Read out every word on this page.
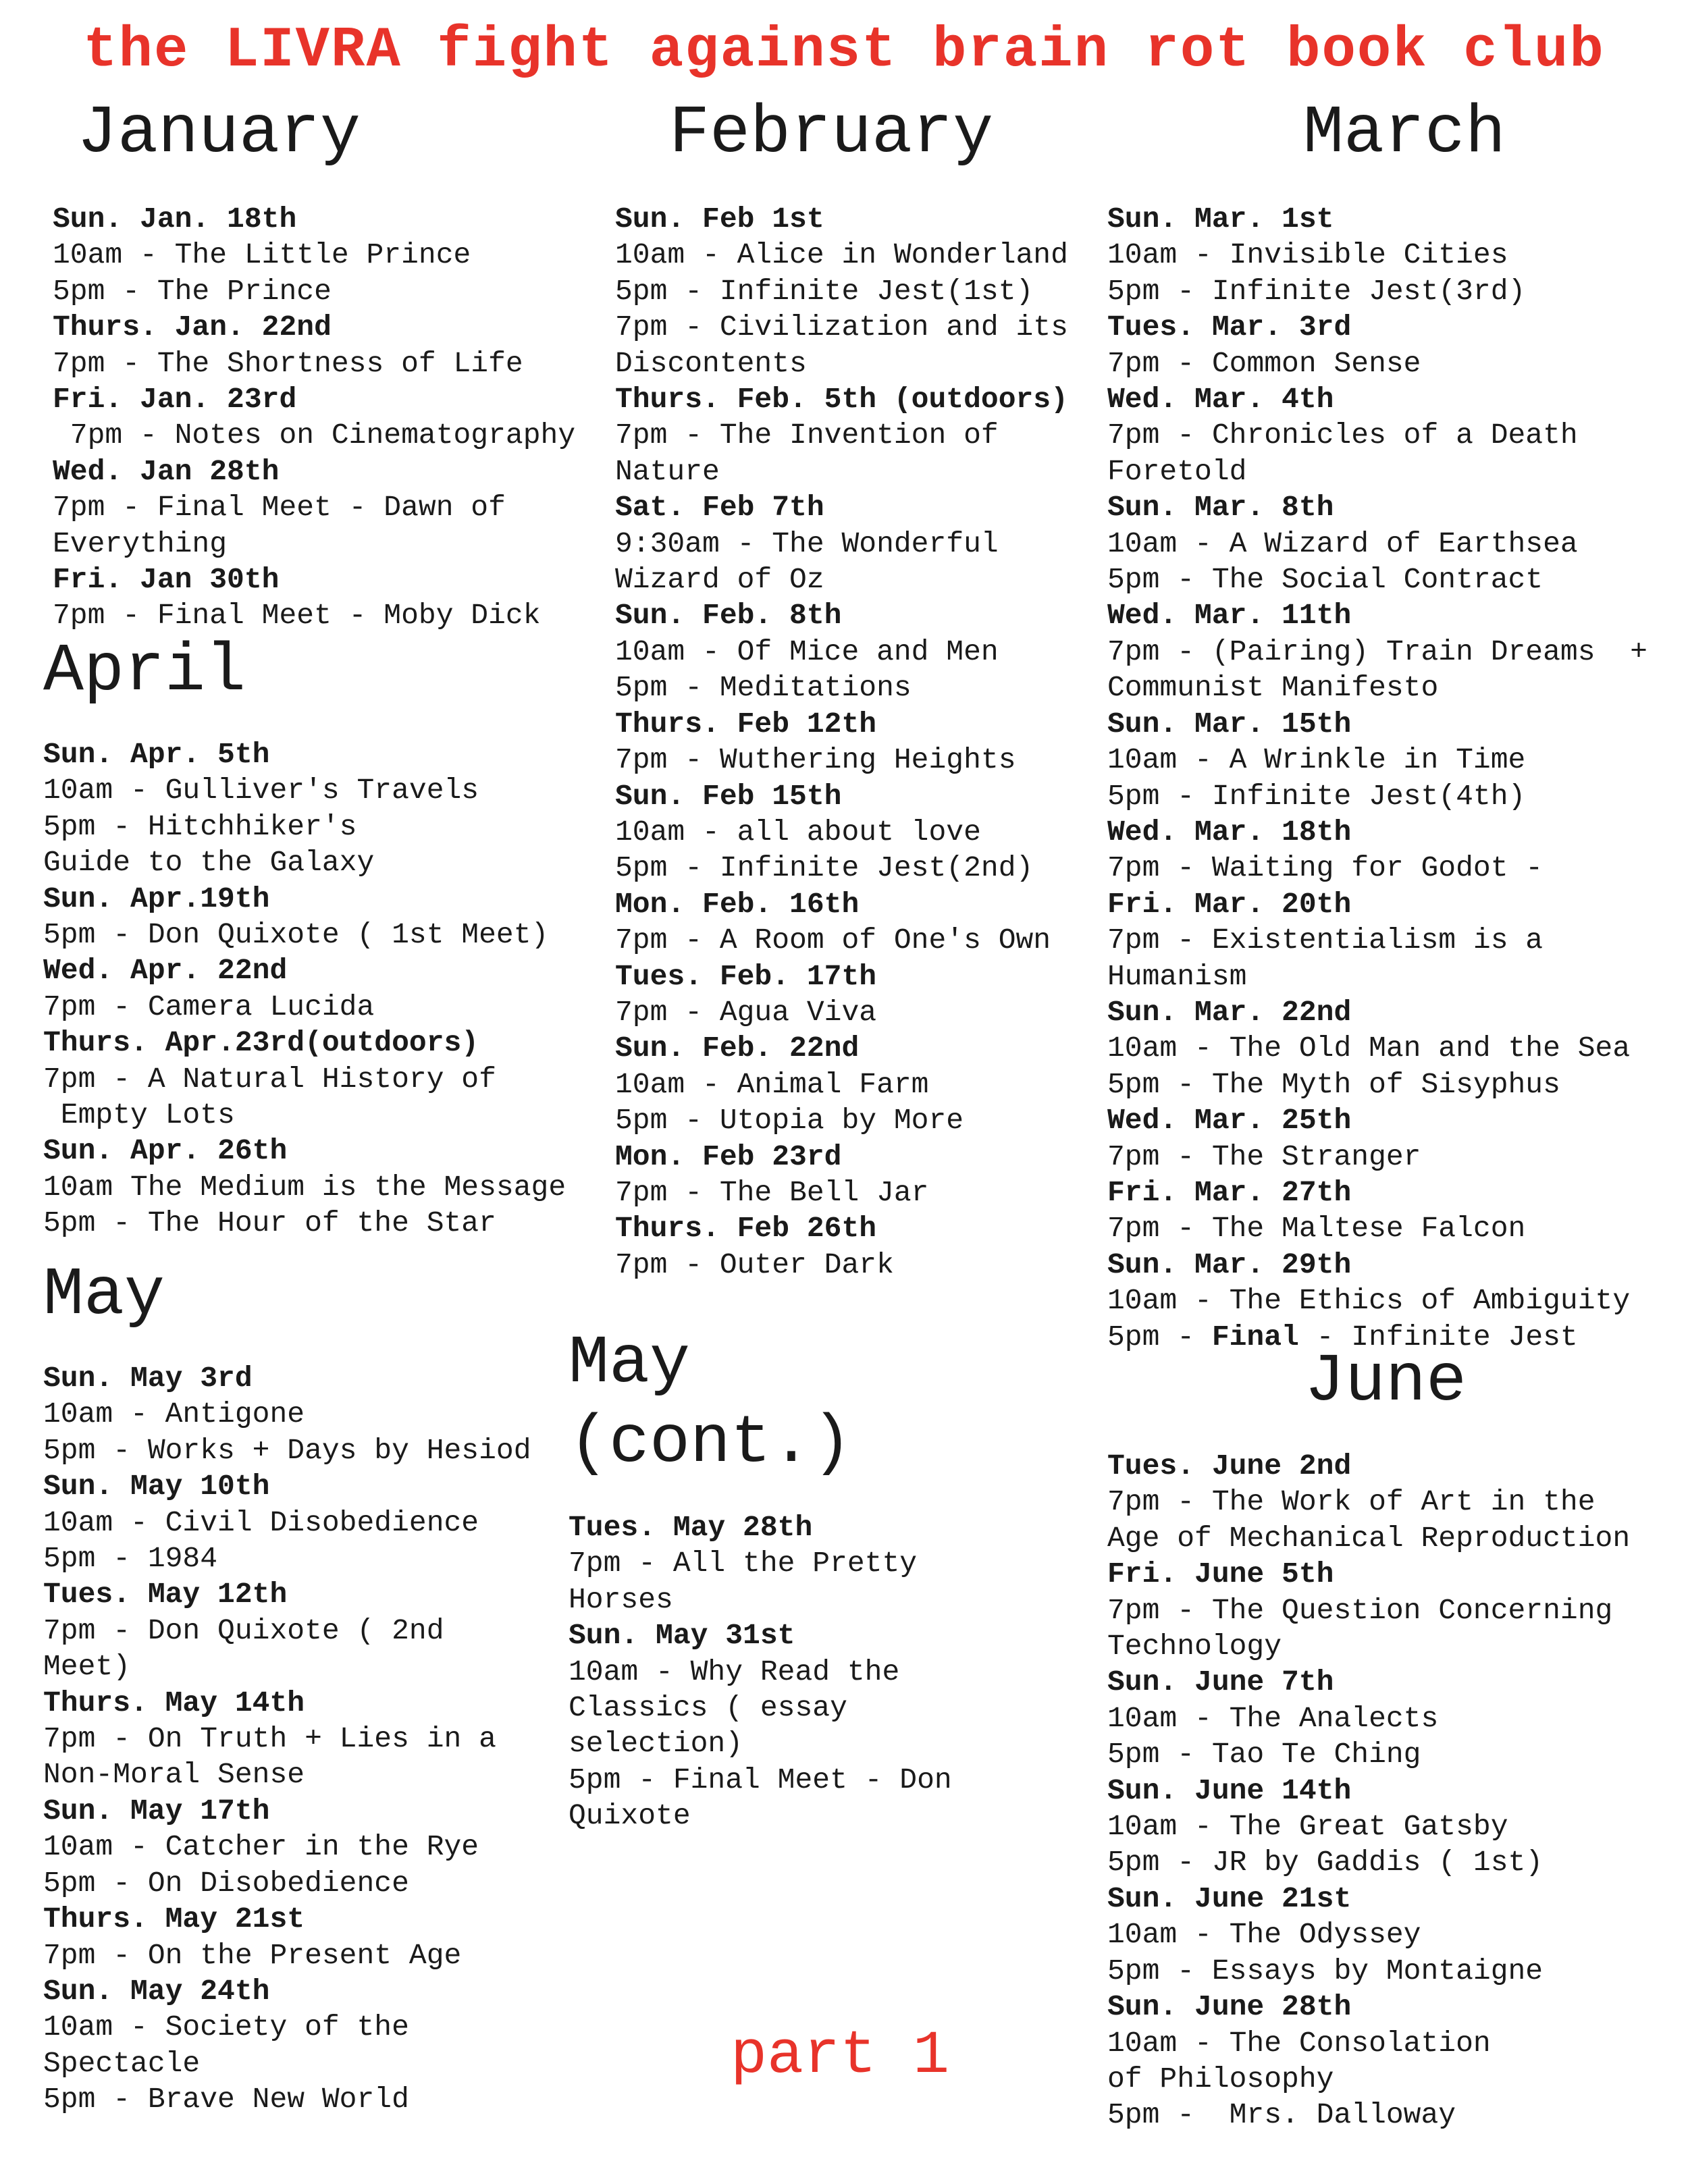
the LIVRA fight against brain rot book club
January
Sun. Jan. 18th
10am - The Little Prince
5pm - The Prince
Thurs. Jan. 22nd
7pm - The Shortness of Life
Fri. Jan. 23rd
7pm - Notes on Cinematography
Wed. Jan 28th
7pm - Final Meet - Dawn of
Everything
Fri. Jan 30th
7pm - Final Meet - Moby Dick
February
Sun. Feb 1st
10am - Alice in Wonderland
5pm - Infinite Jest(1st)
7pm - Civilization and its
Discontents
Thurs. Feb. 5th (outdoors)
7pm - The Invention of
Nature
Sat. Feb 7th
9:30am - The Wonderful
Wizard of Oz
Sun. Feb. 8th
10am - Of Mice and Men
5pm - Meditations
Thurs. Feb 12th
7pm - Wuthering Heights
Sun. Feb 15th
10am - all about love
5pm - Infinite Jest(2nd)
Mon. Feb. 16th
7pm - A Room of One's Own
Tues. Feb. 17th
7pm - Agua Viva
Sun. Feb. 22nd
10am - Animal Farm
5pm - Utopia by More
Mon. Feb 23rd
7pm - The Bell Jar
Thurs. Feb 26th
7pm - Outer Dark
March
Sun. Mar. 1st
10am - Invisible Cities
5pm - Infinite Jest(3rd)
Tues. Mar. 3rd
7pm - Common Sense
Wed. Mar. 4th
7pm - Chronicles of a Death
Foretold
Sun. Mar. 8th
10am - A Wizard of Earthsea
5pm - The Social Contract
Wed. Mar. 11th
7pm - (Pairing) Train Dreams  +
Communist Manifesto
Sun. Mar. 15th
10am - A Wrinkle in Time
5pm - Infinite Jest(4th)
Wed. Mar. 18th
7pm - Waiting for Godot -
Fri. Mar. 20th
7pm - Existentialism is a
Humanism
Sun. Mar. 22nd
10am - The Old Man and the Sea
5pm - The Myth of Sisyphus
Wed. Mar. 25th
7pm - The Stranger
Fri. Mar. 27th
7pm - The Maltese Falcon
Sun. Mar. 29th
10am - The Ethics of Ambiguity
5pm - Final - Infinite Jest
April
Sun. Apr. 5th
10am - Gulliver's Travels
5pm - Hitchhiker's
Guide to the Galaxy
Sun. Apr.19th
5pm - Don Quixote ( 1st Meet)
Wed. Apr. 22nd
7pm - Camera Lucida
Thurs. Apr.23rd(outdoors)
7pm - A Natural History of
Empty Lots
Sun. Apr. 26th
10am The Medium is the Message
5pm - The Hour of the Star
May
Sun. May 3rd
10am - Antigone
5pm - Works + Days by Hesiod
Sun. May 10th
10am - Civil Disobedience
5pm - 1984
Tues. May 12th
7pm - Don Quixote ( 2nd
Meet)
Thurs. May 14th
7pm - On Truth + Lies in a
Non-Moral Sense
Sun. May 17th
10am - Catcher in the Rye
5pm - On Disobedience
Thurs. May 21st
7pm - On the Present Age
Sun. May 24th
10am - Society of the
Spectacle
5pm - Brave New World
May
(cont.)
Tues. May 28th
7pm - All the Pretty
Horses
Sun. May 31st
10am - Why Read the
Classics ( essay
selection)
5pm - Final Meet - Don
Quixote
June
Tues. June 2nd
7pm - The Work of Art in the
Age of Mechanical Reproduction
Fri. June 5th
7pm - The Question Concerning
Technology
Sun. June 7th
10am - The Analects
5pm - Tao Te Ching
Sun. June 14th
10am - The Great Gatsby
5pm - JR by Gaddis ( 1st)
Sun. June 21st
10am - The Odyssey
5pm - Essays by Montaigne
Sun. June 28th
10am - The Consolation
of Philosophy
5pm -  Mrs. Dalloway
part 1
